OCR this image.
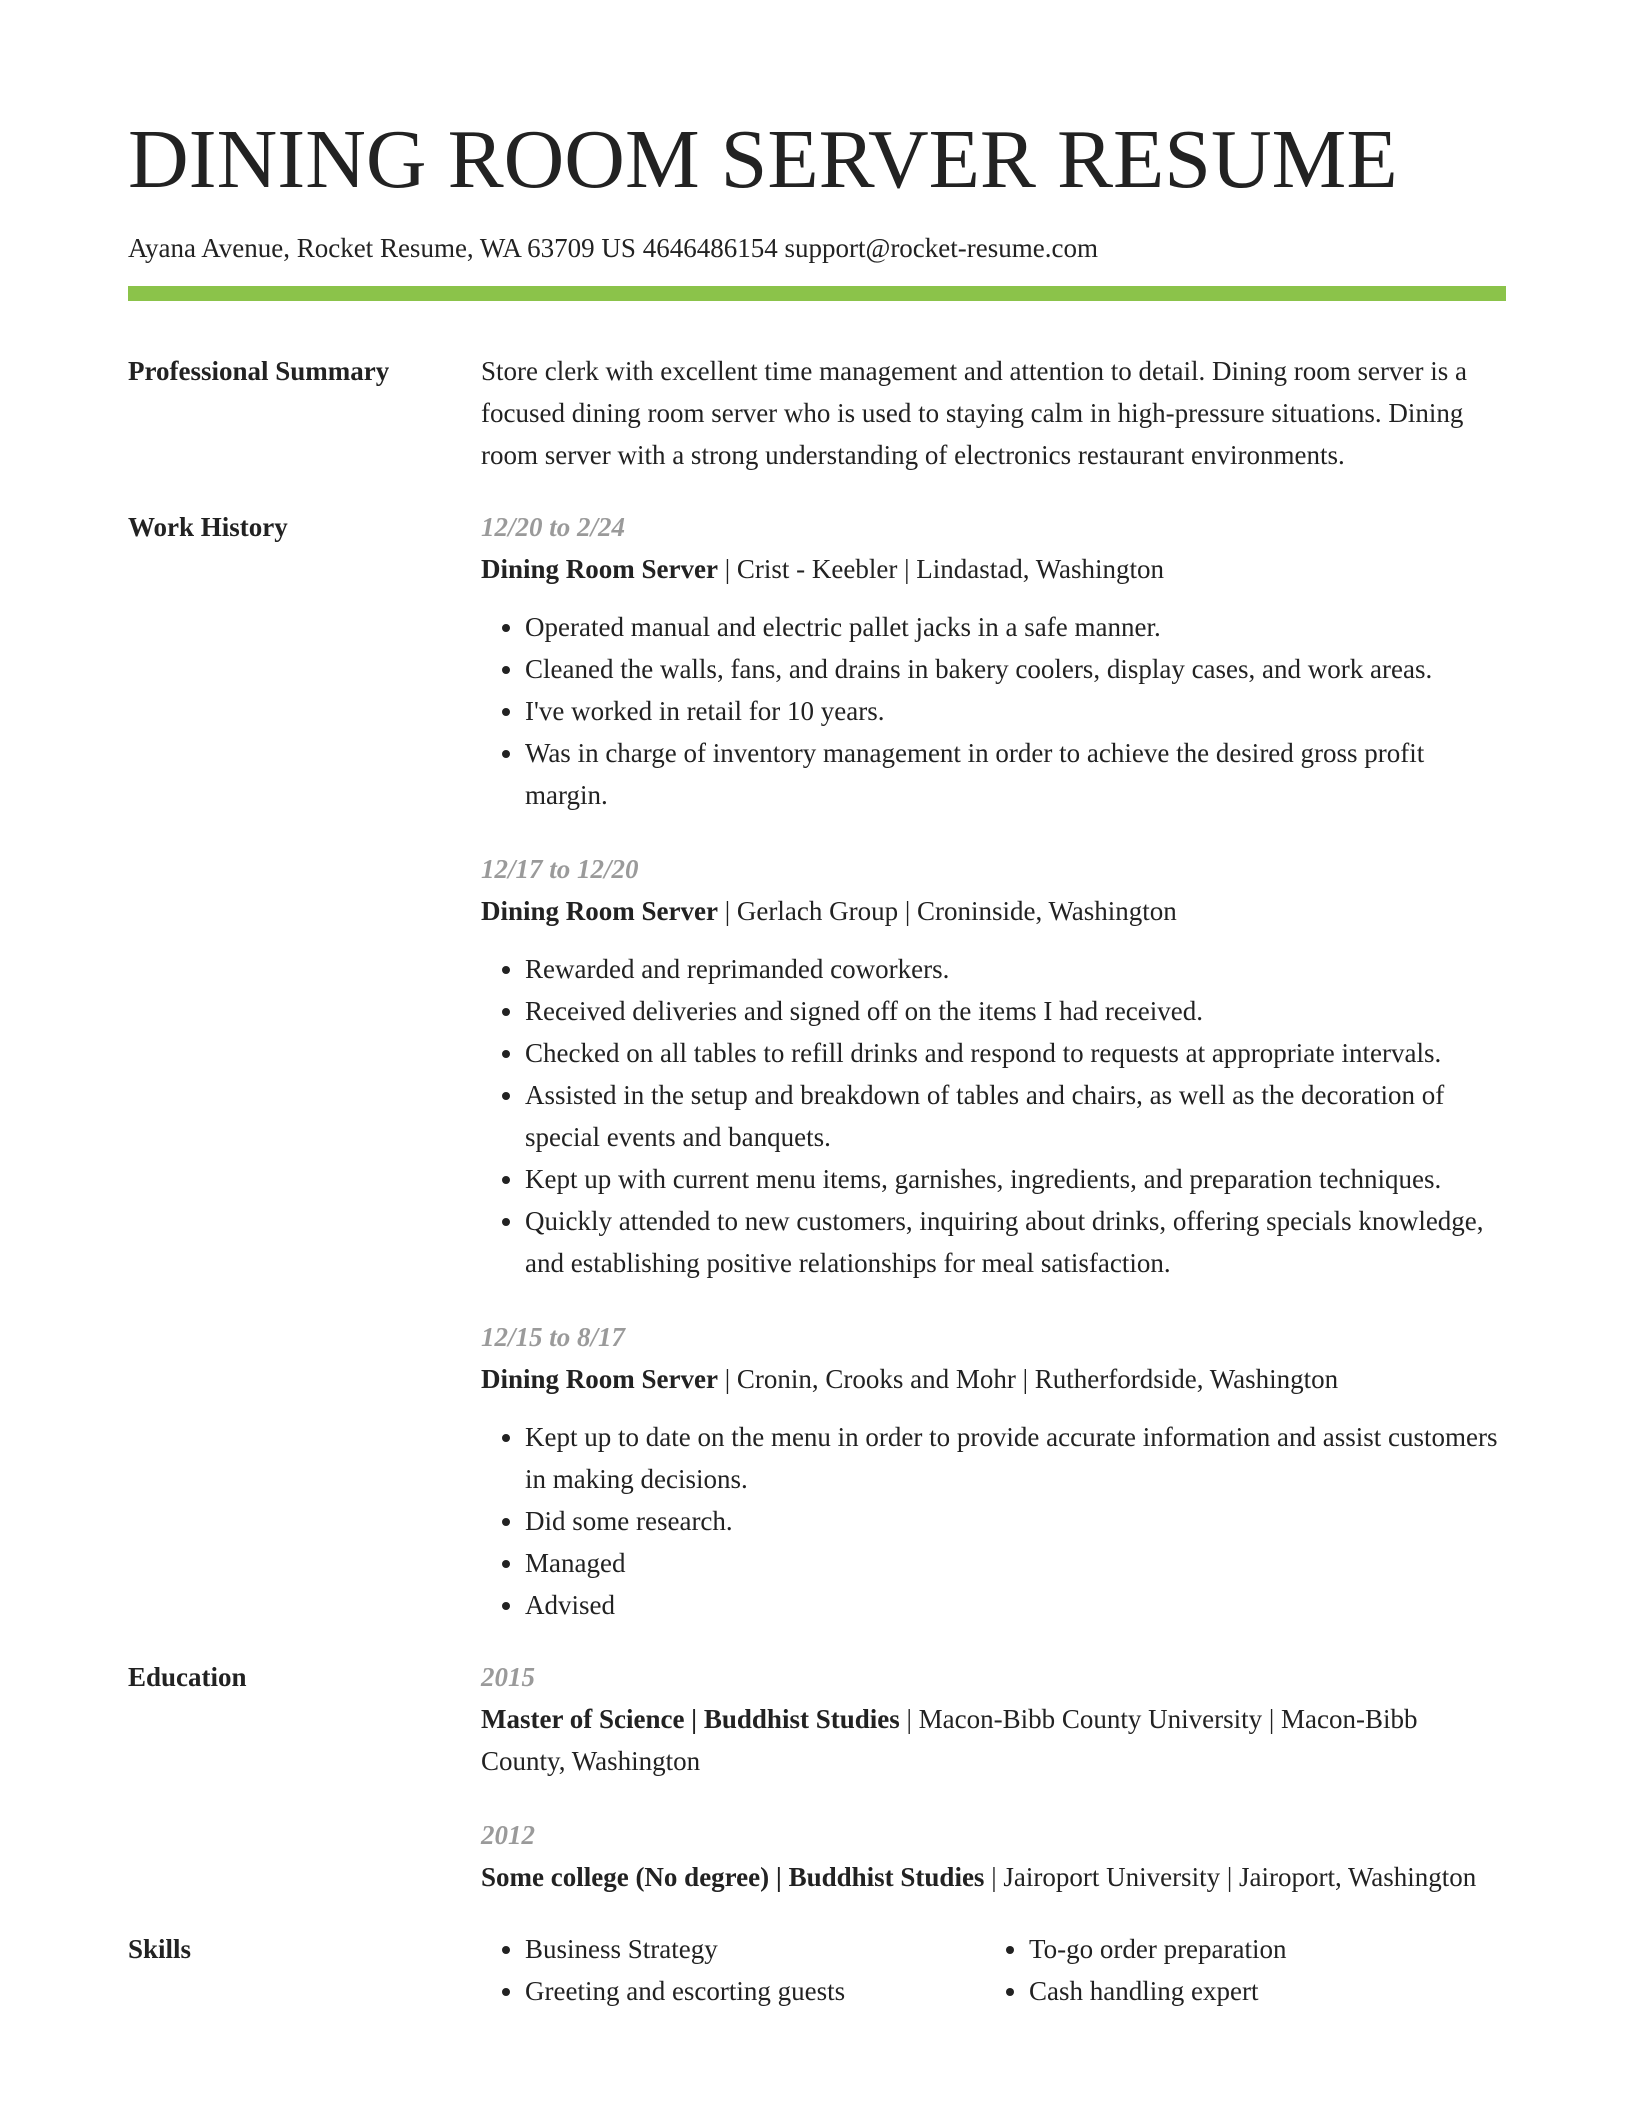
DINING ROOM SERVER RESUME
Ayana Avenue, Rocket Resume, WA 63709 US 4646486154 support@rocket-resume.com
Professional Summary	Store clerk with excellent time management and attention to detail. Dining room server is a focused dining room server who is used to staying calm in high-pressure situations. Dining room server with a strong understanding of electronics restaurant environments.

Work History	12/20 to 2/24

Dining Room Server | Crist - Keebler | Lindastad, Washington

• Operated manual and electric pallet jacks in a safe manner.
• Cleaned the walls, fans, and drains in bakery coolers, display cases, and work areas.
• I've worked in retail for 10 years.
• Was in charge of inventory management in order to achieve the desired gross profit margin.

12/17 to 12/20

Dining Room Server | Gerlach Group | Croninside, Washington

• Rewarded and reprimanded coworkers.
• Received deliveries and signed off on the items I had received.
• Checked on all tables to refill drinks and respond to requests at appropriate intervals.
• Assisted in the setup and breakdown of tables and chairs, as well as the decoration of special events and banquets.
• Kept up with current menu items, garnishes, ingredients, and preparation techniques.
• Quickly attended to new customers, inquiring about drinks, offering specials knowledge, and establishing positive relationships for meal satisfaction.

12/15 to 8/17

Dining Room Server | Cronin, Crooks and Mohr | Rutherfordside, Washington

• Kept up to date on the menu in order to provide accurate information and assist customers in making decisions.
• Did some research.
• Managed
• Advised
Education	2015

Master of Science | Buddhist Studies | Macon-Bibb County University | Macon-Bibb County, Washington

2012

Some college (No degree) | Buddhist Studies | Jairoport University | Jairoport, Washington

Skills
•	Business Strategy
• Greeting and escorting guests
• To-go order preparation
• Cash handling expert
